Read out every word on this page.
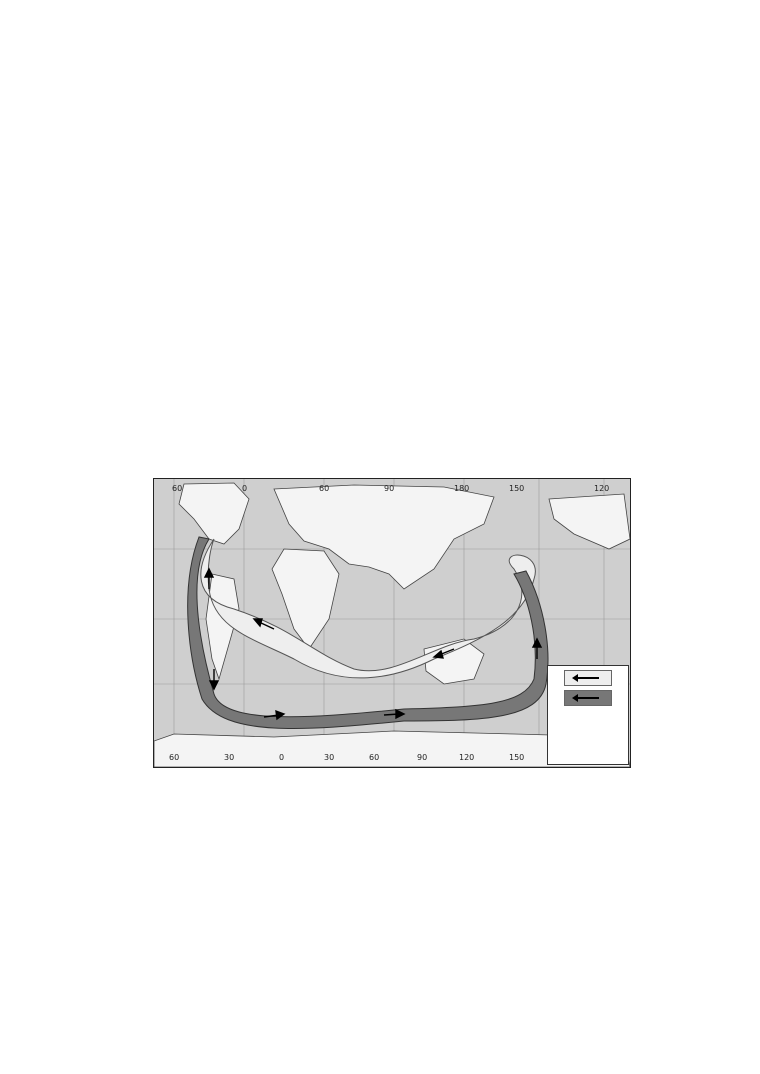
60	0	60	90	180	150	120
60	30	0	30	60	90	120	150
